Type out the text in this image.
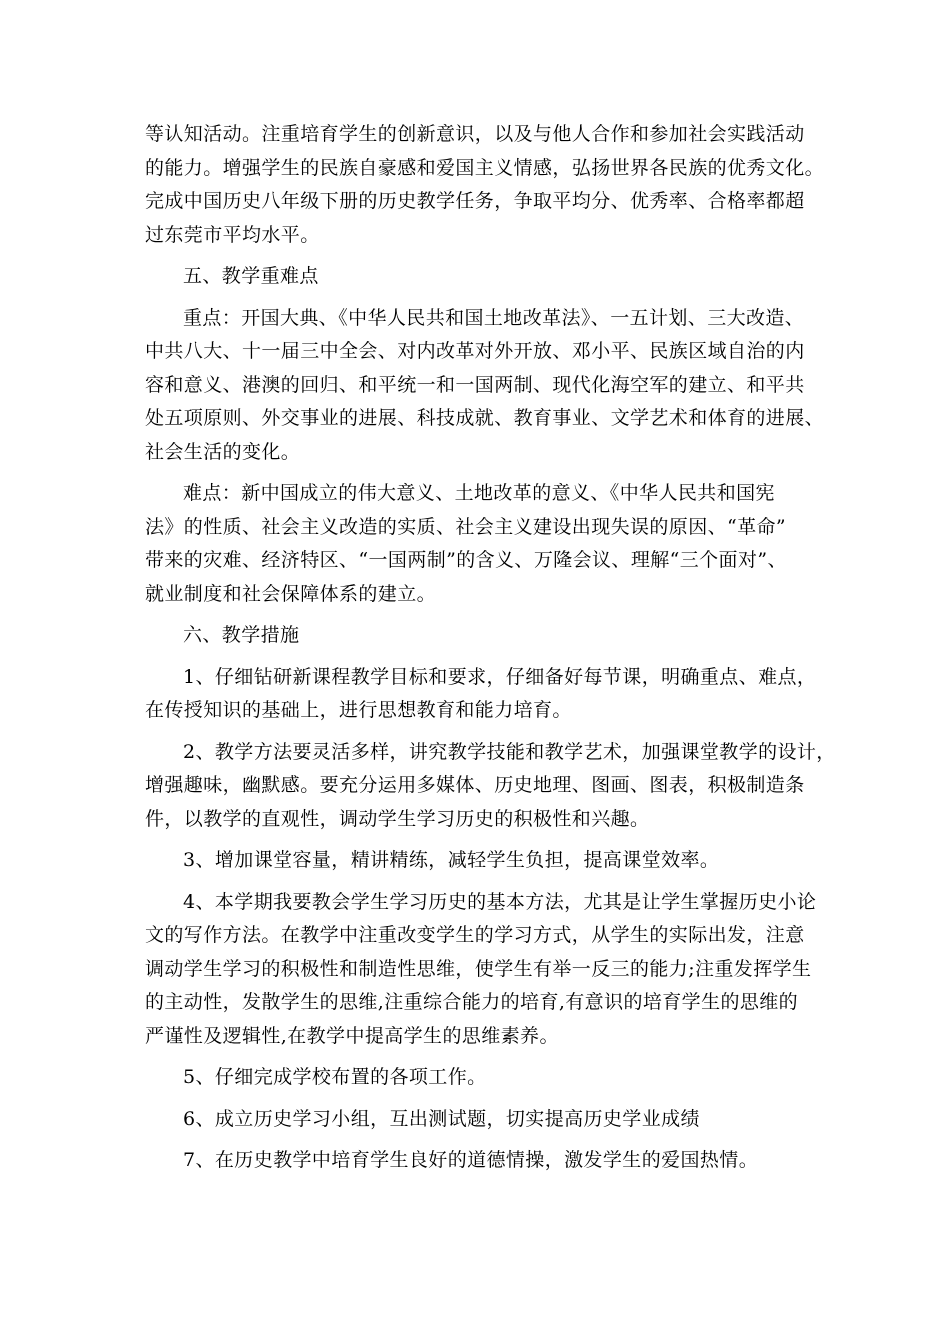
等认知活动。注重培育学生的创新意识，以及与他人合作和参加社会实践活动
的能力。增强学生的民族自豪感和爱国主义情感，弘扬世界各民族的优秀文化。
完成中国历史八年级下册的历史教学任务，争取平均分、优秀率、合格率都超
过东莞市平均水平。
五、教学重难点
重点：开国大典、《中华人民共和国土地改革法》、一五计划、三大改造、
中共八大、十一届三中全会、对内改革对外开放、邓小平、民族区域自治的内
容和意义、港澳的回归、和平统一和一国两制、现代化海空军的建立、和平共
处五项原则、外交事业的进展、科技成就、教育事业、文学艺术和体育的进展、
社会生活的变化。
难点：新中国成立的伟大意义、土地改革的意义、《中华人民共和国宪
法》的性质、社会主义改造的实质、社会主义建设出现失误的原因、“革命”
带来的灾难、经济特区、“一国两制”的含义、万隆会议、理解“三个面对”、
就业制度和社会保障体系的建立。
六、教学措施
1、仔细钻研新课程教学目标和要求，仔细备好每节课，明确重点、难点，
在传授知识的基础上，进行思想教育和能力培育。
2、教学方法要灵活多样，讲究教学技能和教学艺术，加强课堂教学的设计，
增强趣味，幽默感。要充分运用多媒体、历史地理、图画、图表，积极制造条
件，以教学的直观性，调动学生学习历史的积极性和兴趣。
3、增加课堂容量，精讲精练，减轻学生负担，提高课堂效率。
4、本学期我要教会学生学习历史的基本方法，尤其是让学生掌握历史小论
文的写作方法。在教学中注重改变学生的学习方式，从学生的实际出发，注意
调动学生学习的积极性和制造性思维，使学生有举一反三的能力;注重发挥学生
的主动性，发散学生的思维,注重综合能力的培育,有意识的培育学生的思维的
严谨性及逻辑性,在教学中提高学生的思维素养。
5、仔细完成学校布置的各项工作。
6、成立历史学习小组，互出测试题，切实提高历史学业成绩
7、在历史教学中培育学生良好的道德情操，激发学生的爱国热情。
